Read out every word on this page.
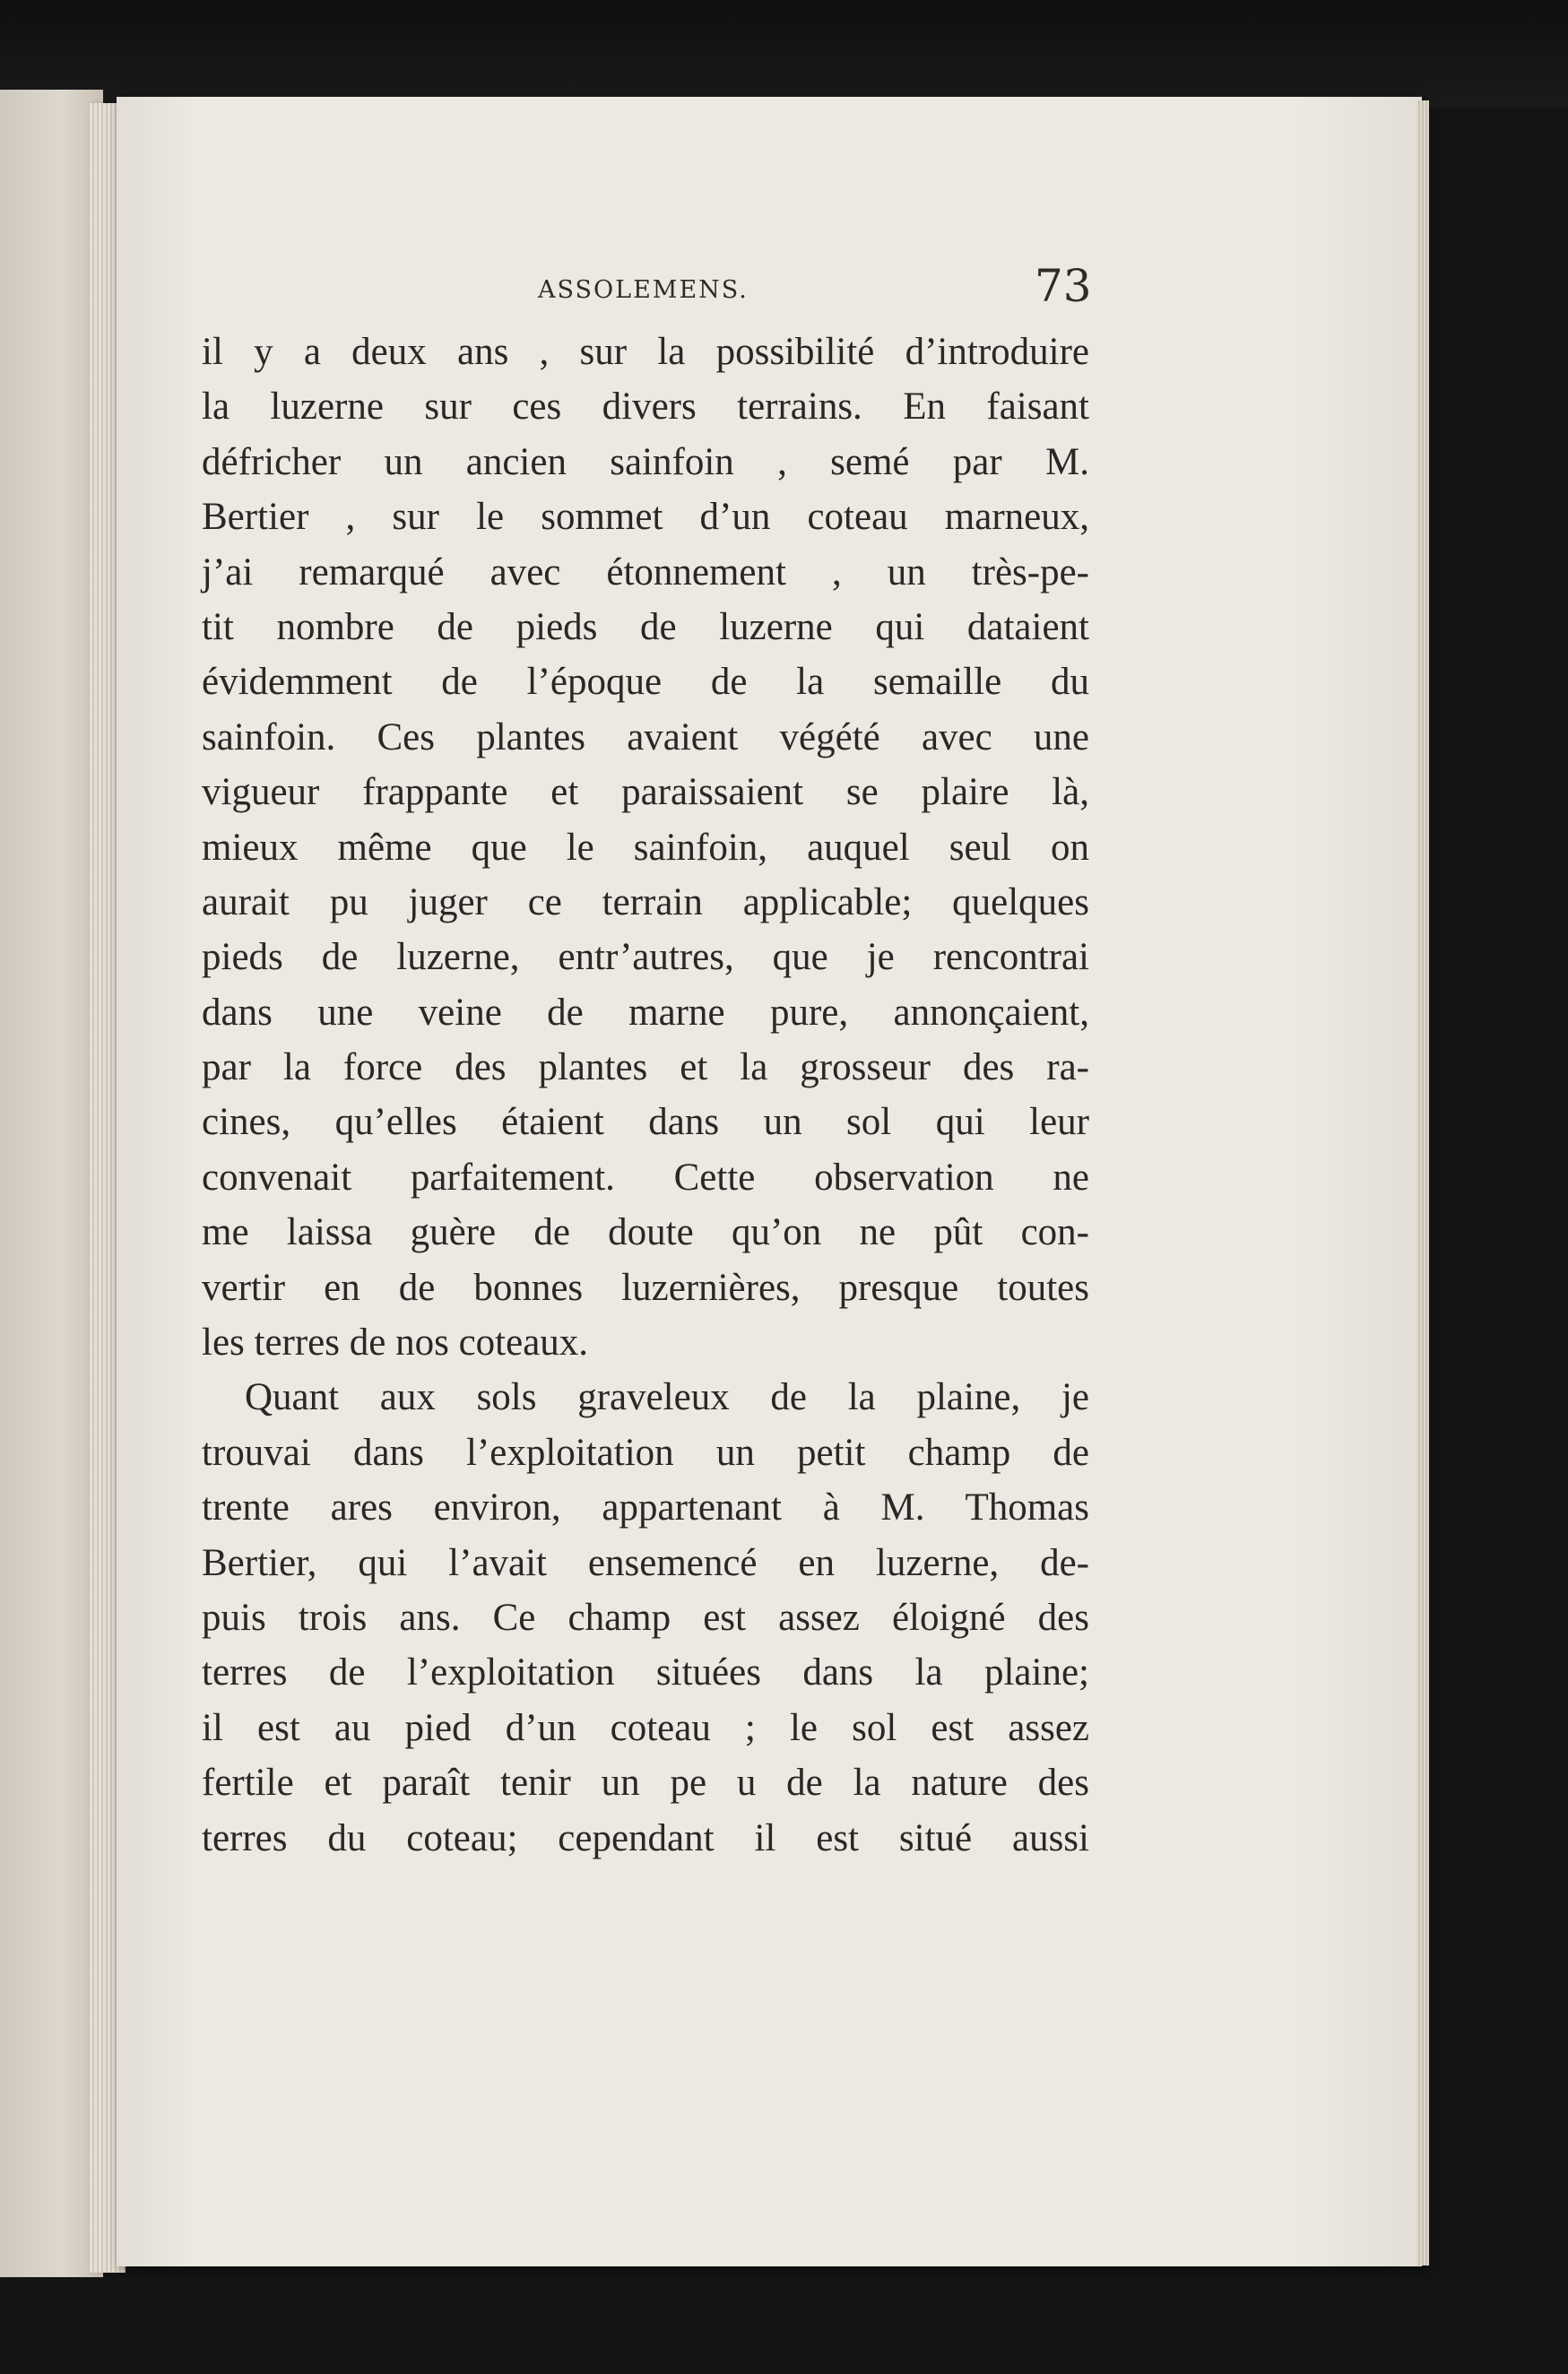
ASSOLEMENS.	73
il y a deux ans , sur la possibilité d’introduire
la luzerne sur ces divers terrains. En faisant
défricher un ancien sainfoin , semé par M.
Bertier , sur le sommet d’un coteau marneux,
j’ai remarqué avec étonnement , un très-pe-
tit nombre de pieds de luzerne qui dataient
évidemment de l’époque de la semaille du
sainfoin. Ces plantes avaient végété avec une
vigueur frappante et paraissaient se plaire là,
mieux même que le sainfoin, auquel seul on
aurait pu juger ce terrain applicable; quelques
pieds de luzerne, entr’autres, que je rencontrai
dans une veine de marne pure, annonçaient,
par la force des plantes et la grosseur des ra-
cines, qu’elles étaient dans un sol qui leur
convenait parfaitement. Cette observation ne
me laissa guère de doute qu’on ne pût con-
vertir en de bonnes luzernières, presque toutes
les terres de nos coteaux.
Quant aux sols graveleux de la plaine, je
trouvai dans l’exploitation un petit champ de
trente ares environ, appartenant à M. Thomas
Bertier, qui l’avait ensemencé en luzerne, de-
puis trois ans. Ce champ est assez éloigné des
terres de l’exploitation situées dans la plaine;
il est au pied d’un coteau ; le sol est assez
fertile et paraît tenir un pe u de la nature des
terres du coteau; cependant il est situé aussi
